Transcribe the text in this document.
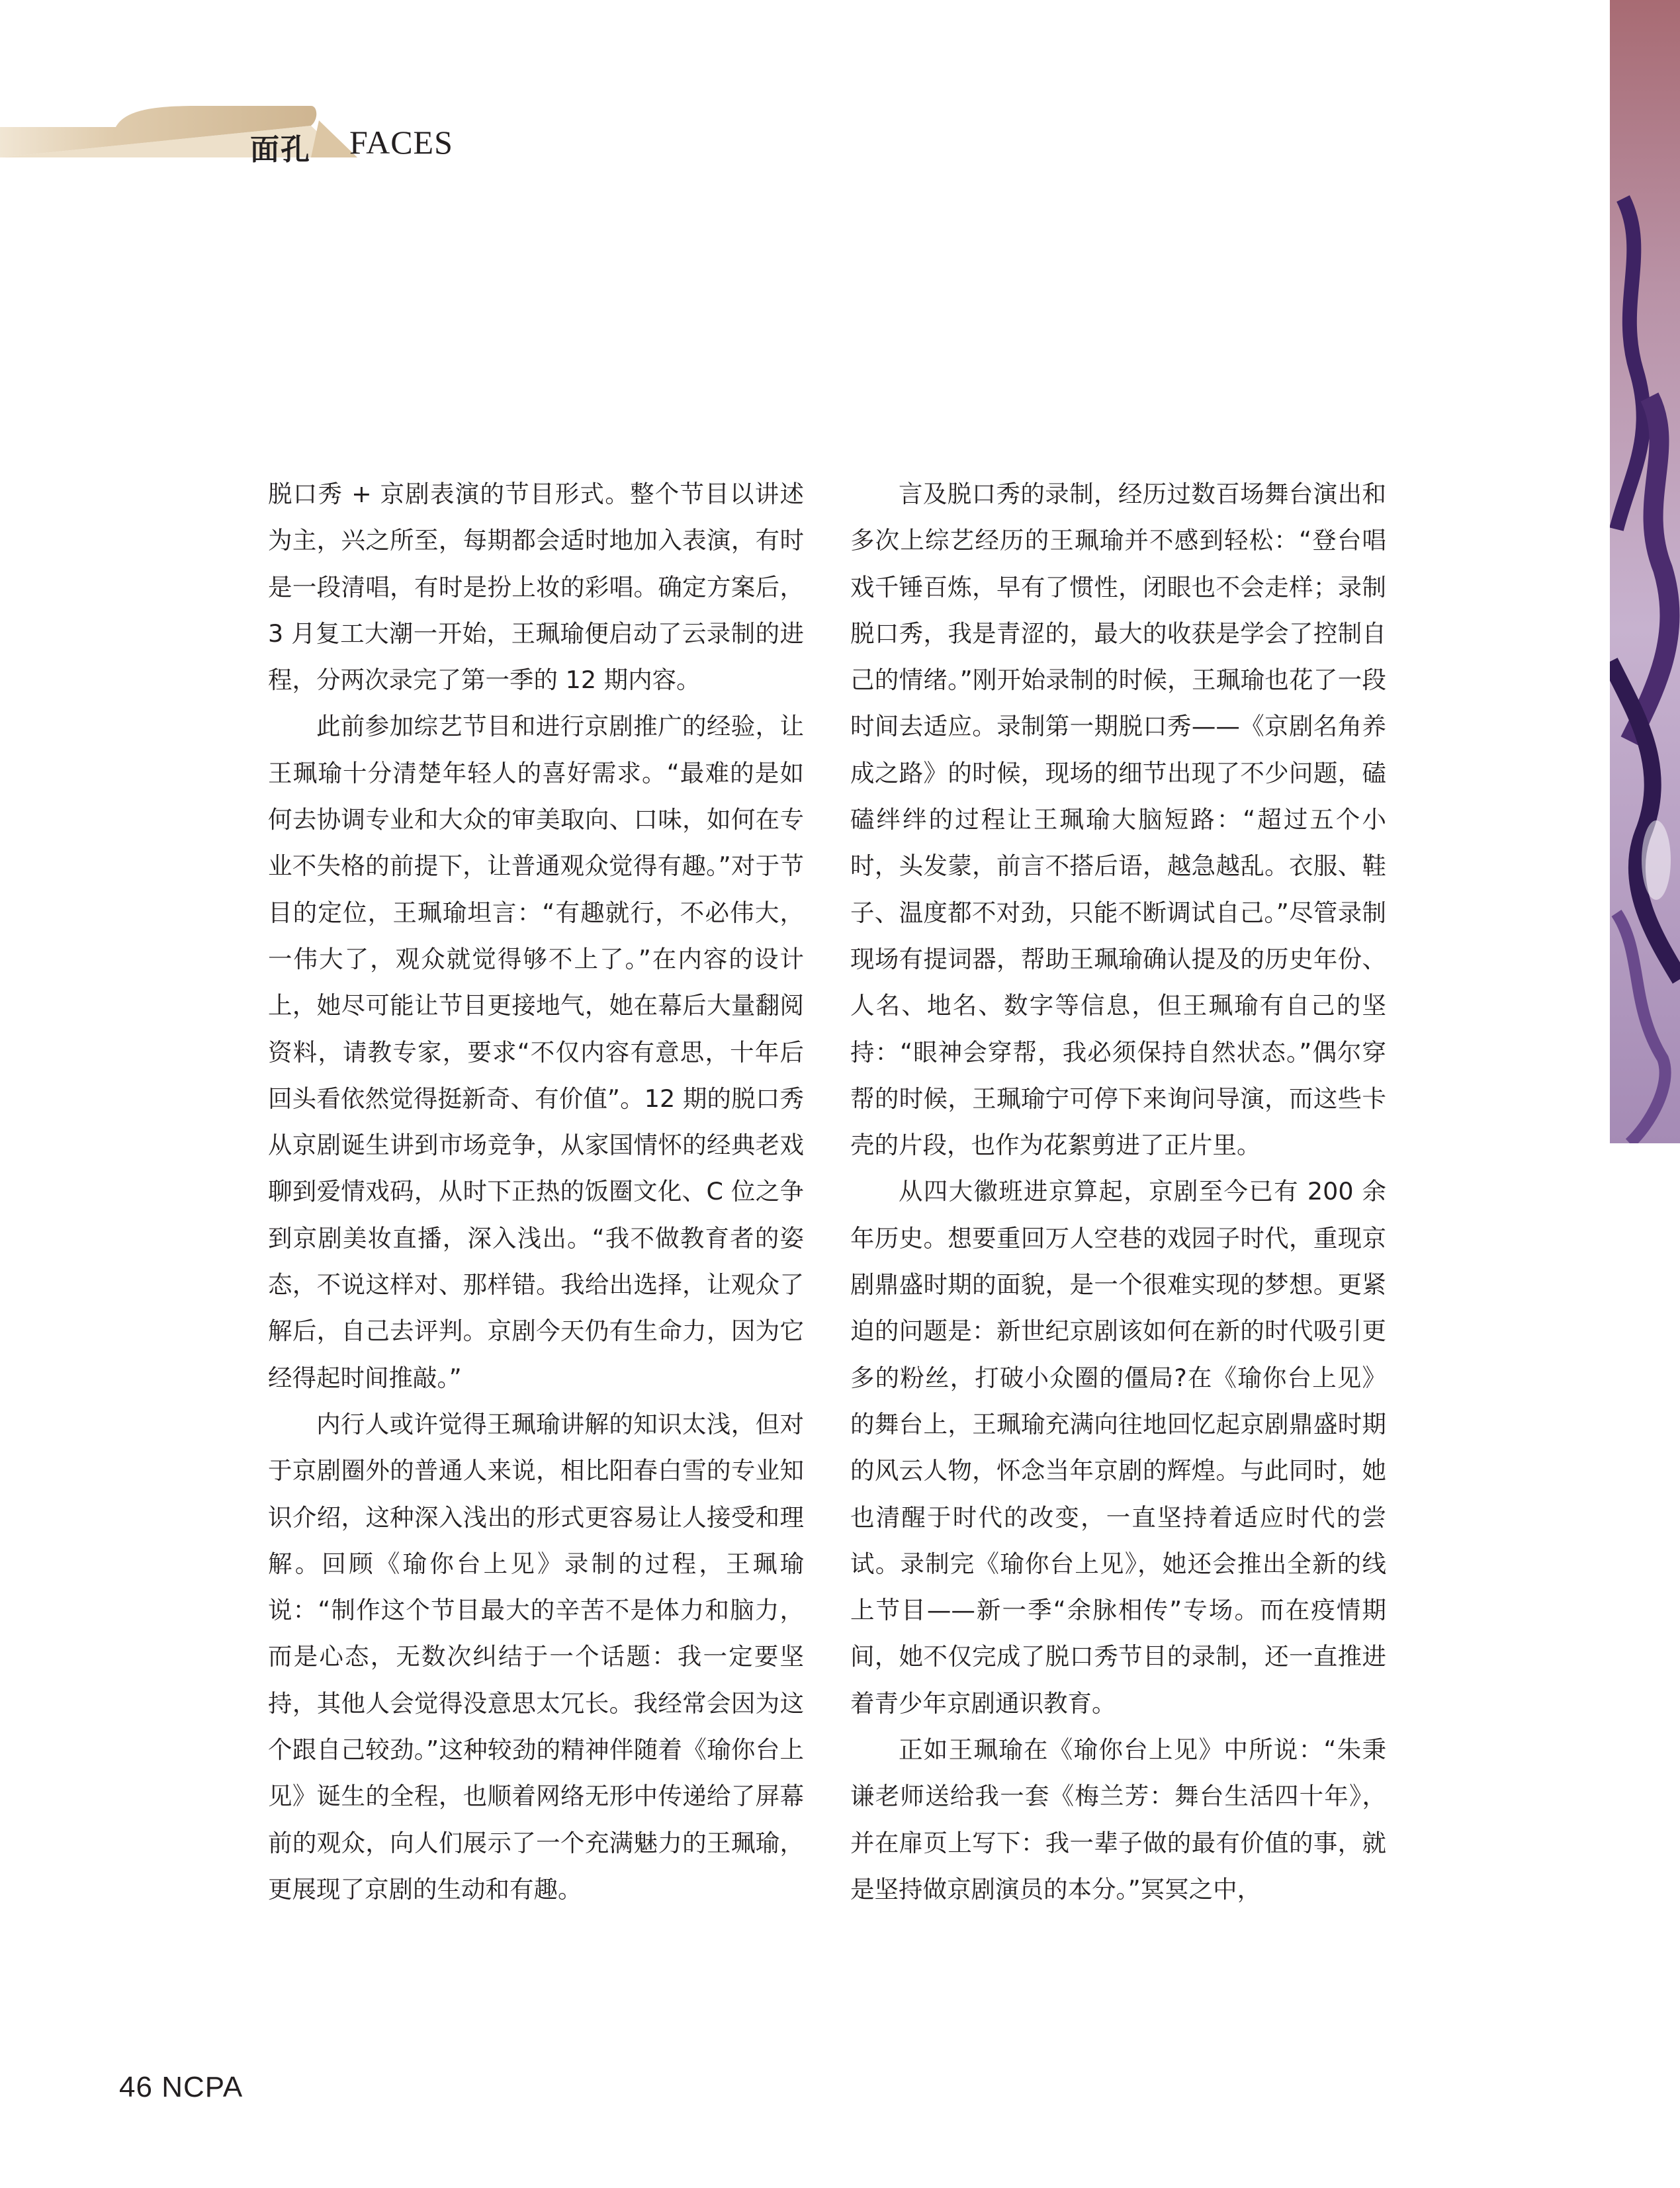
面孔 FACES

脱口秀 + 京剧表演的节目形式。整个节目以讲述为主，兴之所至，每期都会适时地加入表演，有时是一段清唱，有时是扮上妆的彩唱。确定方案后，3 月复工大潮一开始，王珮瑜便启动了云录制的进程，分两次录完了第一季的 12 期内容。

此前参加综艺节目和进行京剧推广的经验，让王珮瑜十分清楚年轻人的喜好需求。“最难的是如何去协调专业和大众的审美取向、口味，如何在专业不失格的前提下，让普通观众觉得有趣。”对于节目的定位，王珮瑜坦言：“有趣就行，不必伟大，一伟大了，观众就觉得够不上了。”在内容的设计上，她尽可能让节目更接地气，她在幕后大量翻阅资料，请教专家，要求“不仅内容有意思，十年后回头看依然觉得挺新奇、有价值”。12 期的脱口秀从京剧诞生讲到市场竞争，从家国情怀的经典老戏聊到爱情戏码，从时下正热的饭圈文化、C 位之争到京剧美妆直播，深入浅出。“我不做教育者的姿态，不说这样对、那样错。我给出选择，让观众了解后，自己去评判。京剧今天仍有生命力，因为它经得起时间推敲。”

内行人或许觉得王珮瑜讲解的知识太浅，但对于京剧圈外的普通人来说，相比阳春白雪的专业知识介绍，这种深入浅出的形式更容易让人接受和理解。回顾《瑜你台上见》录制的过程，王珮瑜说：“制作这个节目最大的辛苦不是体力和脑力，而是心态，无数次纠结于一个话题：我一定要坚持，其他人会觉得没意思太冗长。我经常会因为这个跟自己较劲。”这种较劲的精神伴随着《瑜你台上见》诞生的全程，也顺着网络无形中传递给了屏幕前的观众，向人们展示了一个充满魅力的王珮瑜，更展现了京剧的生动和有趣。

言及脱口秀的录制，经历过数百场舞台演出和多次上综艺经历的王珮瑜并不感到轻松：“登台唱戏千锤百炼，早有了惯性，闭眼也不会走样；录制脱口秀，我是青涩的，最大的收获是学会了控制自己的情绪。”刚开始录制的时候，王珮瑜也花了一段时间去适应。录制第一期脱口秀——《京剧名角养成之路》的时候，现场的细节出现了不少问题，磕磕绊绊的过程让王珮瑜大脑短路：“超过五个小时，头发蒙，前言不搭后语，越急越乱。衣服、鞋子、温度都不对劲，只能不断调试自己。”尽管录制现场有提词器，帮助王珮瑜确认提及的历史年份、人名、地名、数字等信息，但王珮瑜有自己的坚持：“眼神会穿帮，我必须保持自然状态。”偶尔穿帮的时候，王珮瑜宁可停下来询问导演，而这些卡壳的片段，也作为花絮剪进了正片里。

从四大徽班进京算起，京剧至今已有 200 余年历史。想要重回万人空巷的戏园子时代，重现京剧鼎盛时期的面貌，是一个很难实现的梦想。更紧迫的问题是：新世纪京剧该如何在新的时代吸引更多的粉丝，打破小众圈的僵局?在《瑜你台上见》的舞台上，王珮瑜充满向往地回忆起京剧鼎盛时期的风云人物，怀念当年京剧的辉煌。与此同时，她也清醒于时代的改变，一直坚持着适应时代的尝试。录制完《瑜你台上见》，她还会推出全新的线上节目——新一季“余脉相传”专场。而在疫情期间，她不仅完成了脱口秀节目的录制，还一直推进着青少年京剧通识教育。

正如王珮瑜在《瑜你台上见》中所说：“朱秉谦老师送给我一套《梅兰芳：舞台生活四十年》，并在扉页上写下：我一辈子做的最有价值的事，就是坚持做京剧演员的本分。”冥冥之中，

46 NCPA
